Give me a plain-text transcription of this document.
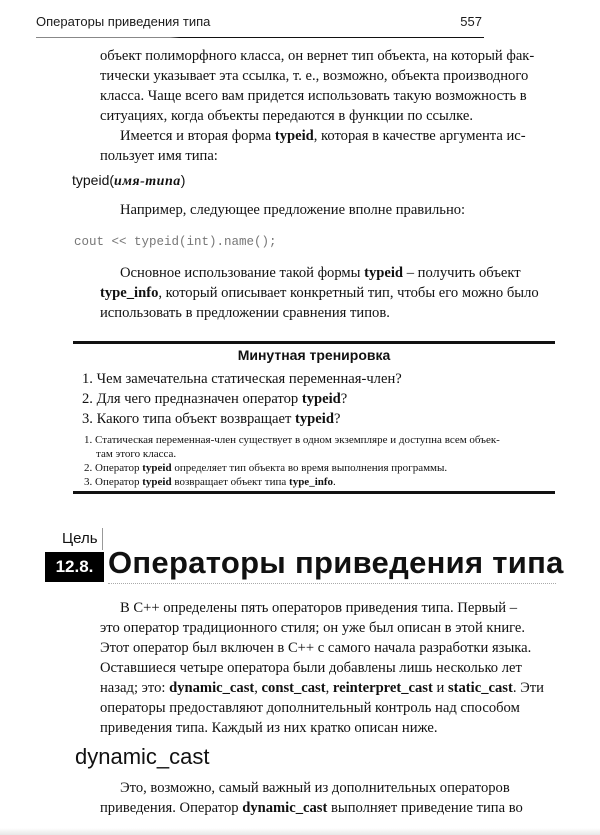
Операторы приведения типа	557
объект полиморфного класса, он вернет тип объекта, на который фак-
тически указывает эта ссылка, т. е., возможно, объекта производного
класса. Чаще всего вам придется использовать такую возможность в
ситуациях, когда объекты передаются в функции по ссылке.
Имеется и вторая форма typeid, которая в качестве аргумента ис-
пользует имя типа:
typeid(имя-типа)
Например, следующее предложение вполне правильно:
cout << typeid(int).name();
Основное использование такой формы typeid – получить объект
type_info, который описывает конкретный тип, чтобы его можно было
использовать в предложении сравнения типов.
Минутная тренировка
1. Чем замечательна статическая переменная-член?
2. Для чего предназначен оператор typeid?
3. Какого типа объект возвращает typeid?
1. Статическая переменная-член существует в одном экземпляре и доступна всем объек-
там этого класса.
2. Оператор typeid определяет тип объекта во время выполнения программы.
3. Оператор typeid возвращает объект типа type_info.
Цель
12.8. Операторы приведения типа
В C++ определены пять операторов приведения типа. Первый –
это оператор традиционного стиля; он уже был описан в этой книге.
Этот оператор был включен в C++ с самого начала разработки языка.
Оставшиеся четыре оператора были добавлены лишь несколько лет
назад; это: dynamic_cast, const_cast, reinterpret_cast и static_cast. Эти
операторы предоставляют дополнительный контроль над способом
приведения типа. Каждый из них кратко описан ниже.
dynamic_cast
Это, возможно, самый важный из дополнительных операторов
приведения. Оператор dynamic_cast выполняет приведение типа во
